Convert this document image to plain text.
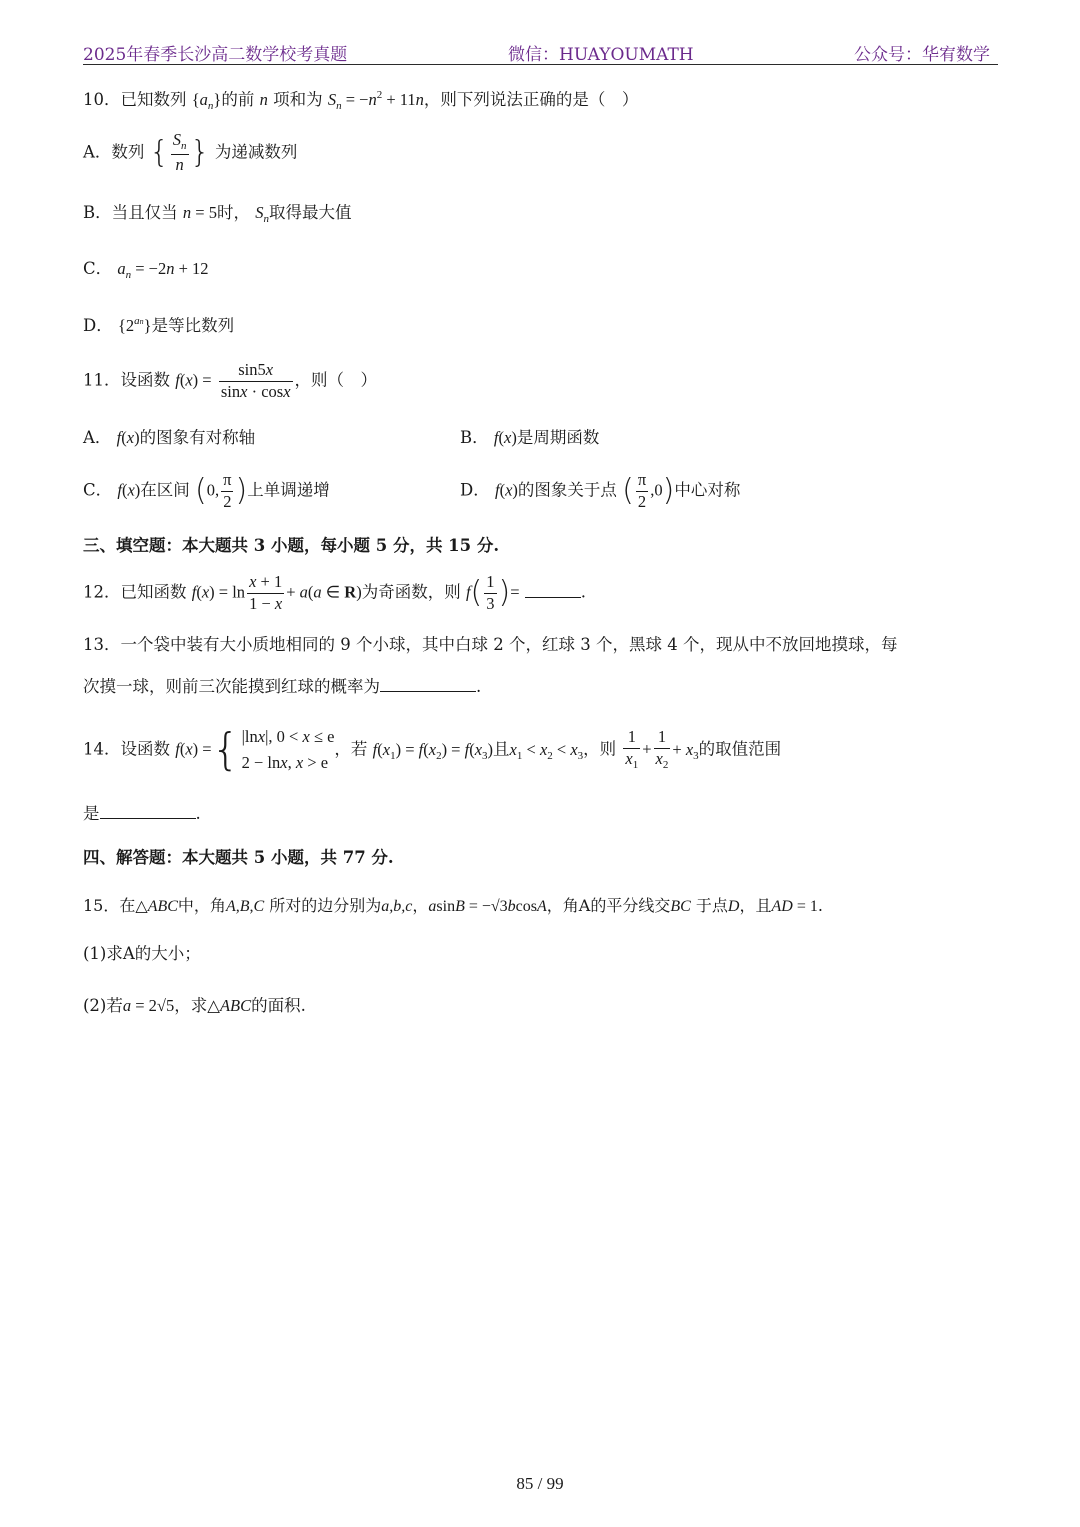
2025年春季长沙高二数学校考真题	微信：HUAYOUMATH	公众号：华宥数学
10．已知数列 $\{a_n\}$的前 n 项和为 $S_n = -n^2 + 11n$，则下列说法正确的是（　）
A．数列 { $\frac{S_n}{n}$ } 为递减数列
B．当且仅当 n = 5时， $S_n$取得最大值
C． $a_n = -2n + 12$
D． $\{2^{an}\}$是等比数列
11．设函数 $f(x) = \frac{\sin 5x}{\sin x \cdot \cos x}$ ，则（　）
A． f(x)的图象有对称轴	B． f(x)是周期函数
C． f(x)在区间 (0, $\frac{\pi}{2}$ )上单调递增	D． f(x)的图象关于点 ( $\frac{\pi}{2} ,0$)中心对称
三、填空题：本大题共 3 小题，每小题 5 分，共 15 分.
12．已知函数 $f(x) = \ln \frac{x + 1}{1 - x} + a(a$ ∈ R)为奇函数，则 $f( \frac{1}{3}$ )=	.
13．一个袋中装有大小质地相同的 9 个小球，其中白球 2 个，红球 3 个，黑球 4 个，现从中不放回地摸球，每
次摸一球，则前三次能摸到红球的概率为	.
14．设函数 f(x) ={ |lnx|, 0 < x ≤ e
2 − lnx, x > e
，若 $f(x_1) = f(x_2) = f(x_3)$且$x_1 < x_2 < x_3$，则 $\frac{1}{x_1} + \frac{1}{x_2} + x_3$的取值范围
是	.
四、解答题：本大题共 5 小题，共 77 分.
15．在△ABC中，角A,B,C 所对的边分别为a,b,c，asinB = −√3bcosA，角A的平分线交BC 于点D，且AD = 1.
(1)求A的大小；
(2)若a = 2√5，求△ABC的面积.
85 / 99
